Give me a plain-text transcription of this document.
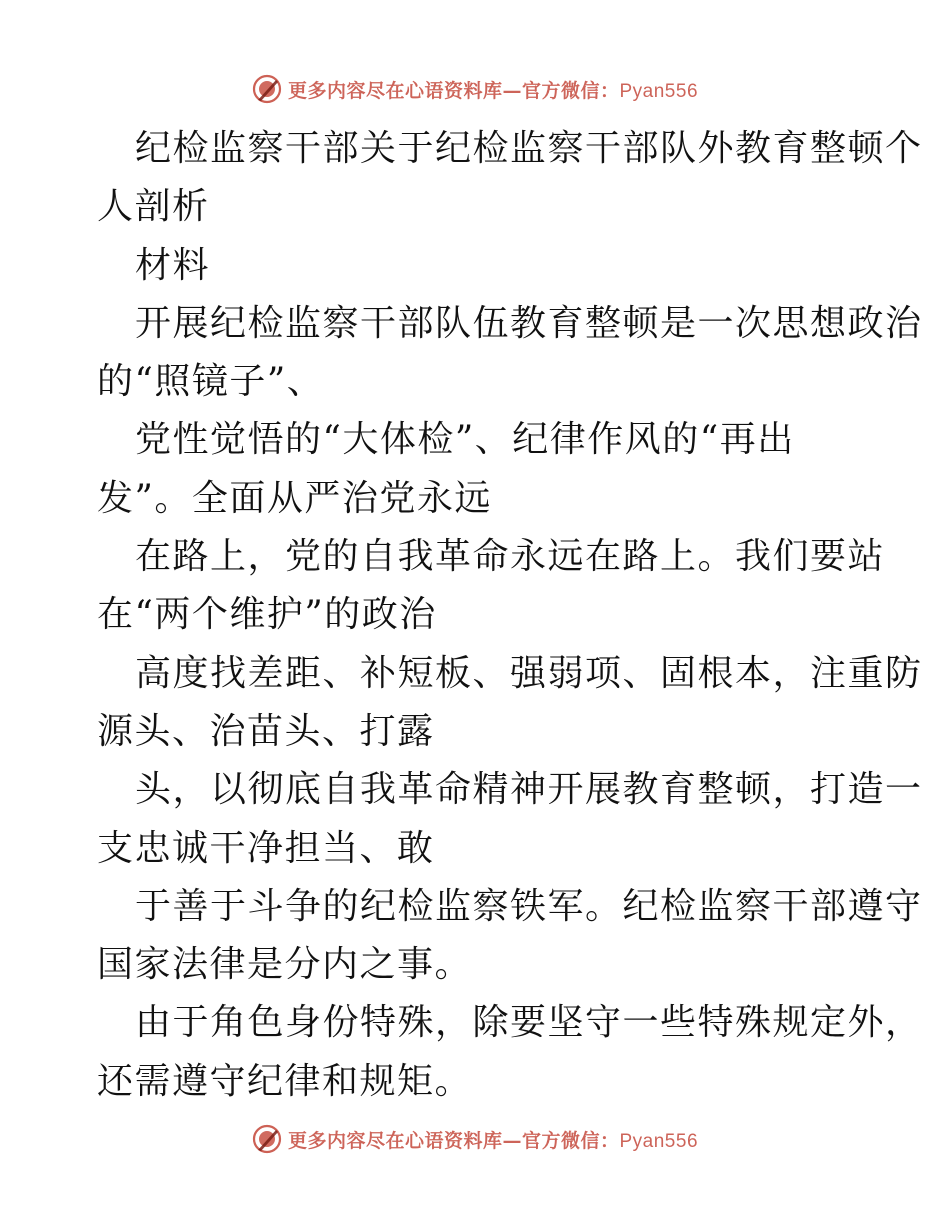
更多内容尽在心语资料库—官方微信：Pyan556
纪检监察干部关于纪检监察干部队外教育整顿个
人剖析
材料
开展纪检监察干部队伍教育整顿是一次思想政治
的“照镜子”、
党性觉悟的“大体检”、纪律作风的“再出
发”。全面从严治党永远
在路上，党的自我革命永远在路上。我们要站
在“两个维护”的政治
高度找差距、补短板、强弱项、固根本，注重防
源头、治苗头、打露
头，以彻底自我革命精神开展教育整顿，打造一
支忠诚干净担当、敢
于善于斗争的纪检监察铁军。纪检监察干部遵守
国家法律是分内之事。
由于角色身份特殊，除要坚守一些特殊规定外，
还需遵守纪律和规矩。
更多内容尽在心语资料库—官方微信：Pyan556
